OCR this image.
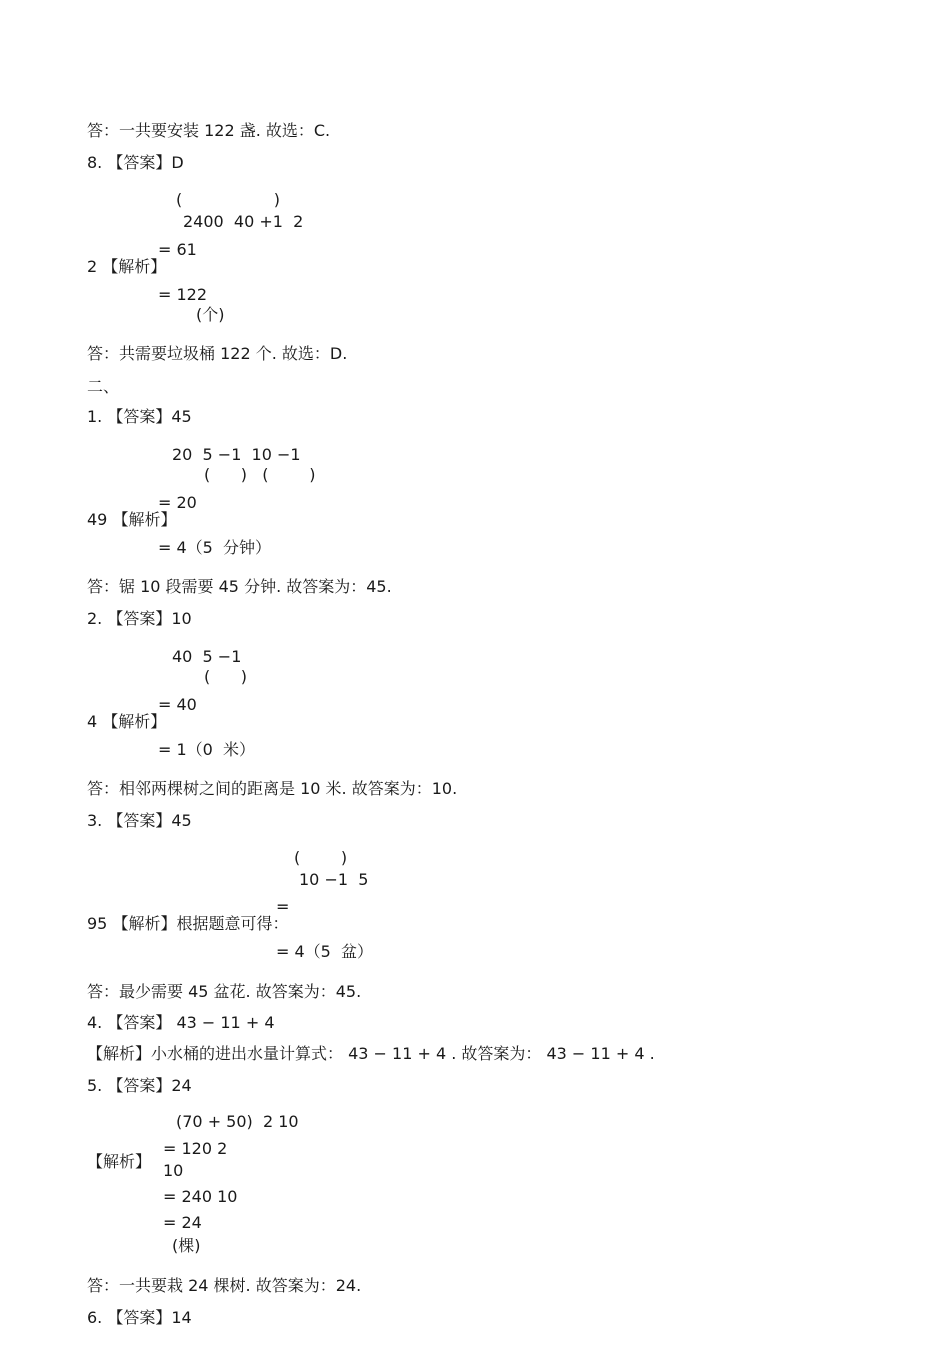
答：一共要安装 122 盏. 故选：C.
8. 【答案】D
(                  )
2400  40 +1  2
= 61
2 【解析】
= 122
(个)
答：共需要垃圾桶 122 个. 故选：D.
二、
1. 【答案】45
20  5 −1  10 −1
(      )   (        )
= 20
49 【解析】
= 4（5  分钟）
答：锯 10 段需要 45 分钟. 故答案为：45.
2. 【答案】10
40  5 −1
(      )
= 40
4 【解析】
= 1（0  米）
答：相邻两棵树之间的距离是 10 米. 故答案为：10.
3. 【答案】45
(        )
10 −1  5
=
95 【解析】根据题意可得：
= 4（5  盆）
答：最少需要 45 盆花. 故答案为：45.
4. 【答案】 43 − 11 + 4
【解析】小水桶的进出水量计算式： 43 − 11 + 4 . 故答案为： 43 − 11 + 4 .
5. 【答案】24
(70 + 50)  2 10
【解析】
= 120 2
10
= 240 10
= 24
(棵)
答：一共要栽 24 棵树. 故答案为：24.
6. 【答案】14
